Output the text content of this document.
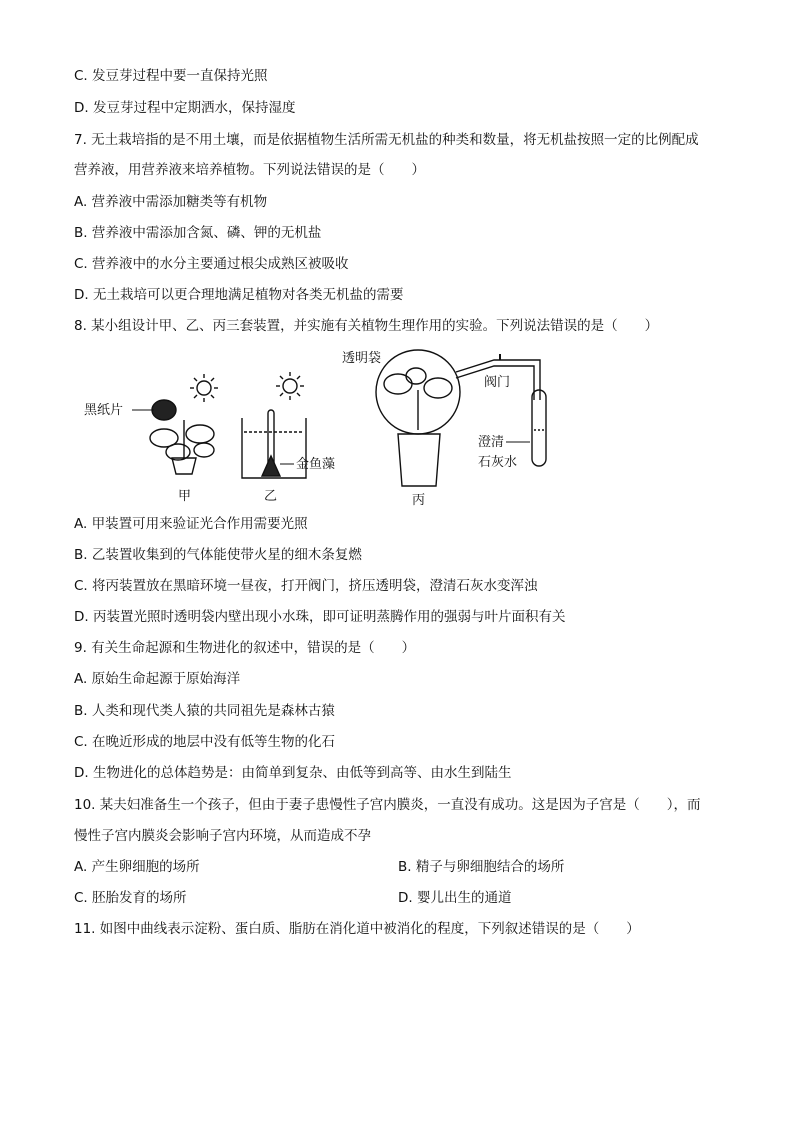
C. 发豆芽过程中要一直保持光照
D. 发豆芽过程中定期洒水，保持湿度
7. 无土栽培指的是不用土壤，而是依据植物生活所需无机盐的种类和数量，将无机盐按照一定的比例配成
营养液，用营养液来培养植物。下列说法错误的是（　　）
A. 营养液中需添加糖类等有机物
B. 营养液中需添加含氮、磷、钾的无机盐
C. 营养液中的水分主要通过根尖成熟区被吸收
D. 无土栽培可以更合理地满足植物对各类无机盐的需要
8. 某小组设计甲、乙、丙三套装置，并实施有关植物生理作用的实验。下列说法错误的是（　　）
黑纸片
甲
金鱼藻
乙
透明袋
阀门
澄清
石灰水
丙
A. 甲装置可用来验证光合作用需要光照
B. 乙装置收集到的气体能使带火星的细木条复燃
C. 将丙装置放在黑暗环境一昼夜，打开阀门，挤压透明袋，澄清石灰水变浑浊
D. 丙装置光照时透明袋内壁出现小水珠，即可证明蒸腾作用的强弱与叶片面积有关
9. 有关生命起源和生物进化的叙述中，错误的是（　　）
A. 原始生命起源于原始海洋
B. 人类和现代类人猿的共同祖先是森林古猿
C. 在晚近形成的地层中没有低等生物的化石
D. 生物进化的总体趋势是：由简单到复杂、由低等到高等、由水生到陆生
10. 某夫妇准备生一个孩子，但由于妻子患慢性子宫内膜炎，一直没有成功。这是因为子宫是（　　），而
慢性子宫内膜炎会影响子宫内环境，从而造成不孕
A. 产生卵细胞的场所	B. 精子与卵细胞结合的场所
C. 胚胎发育的场所	D. 婴儿出生的通道
11. 如图中曲线表示淀粉、蛋白质、脂肪在消化道中被消化的程度，下列叙述错误的是（　　）
